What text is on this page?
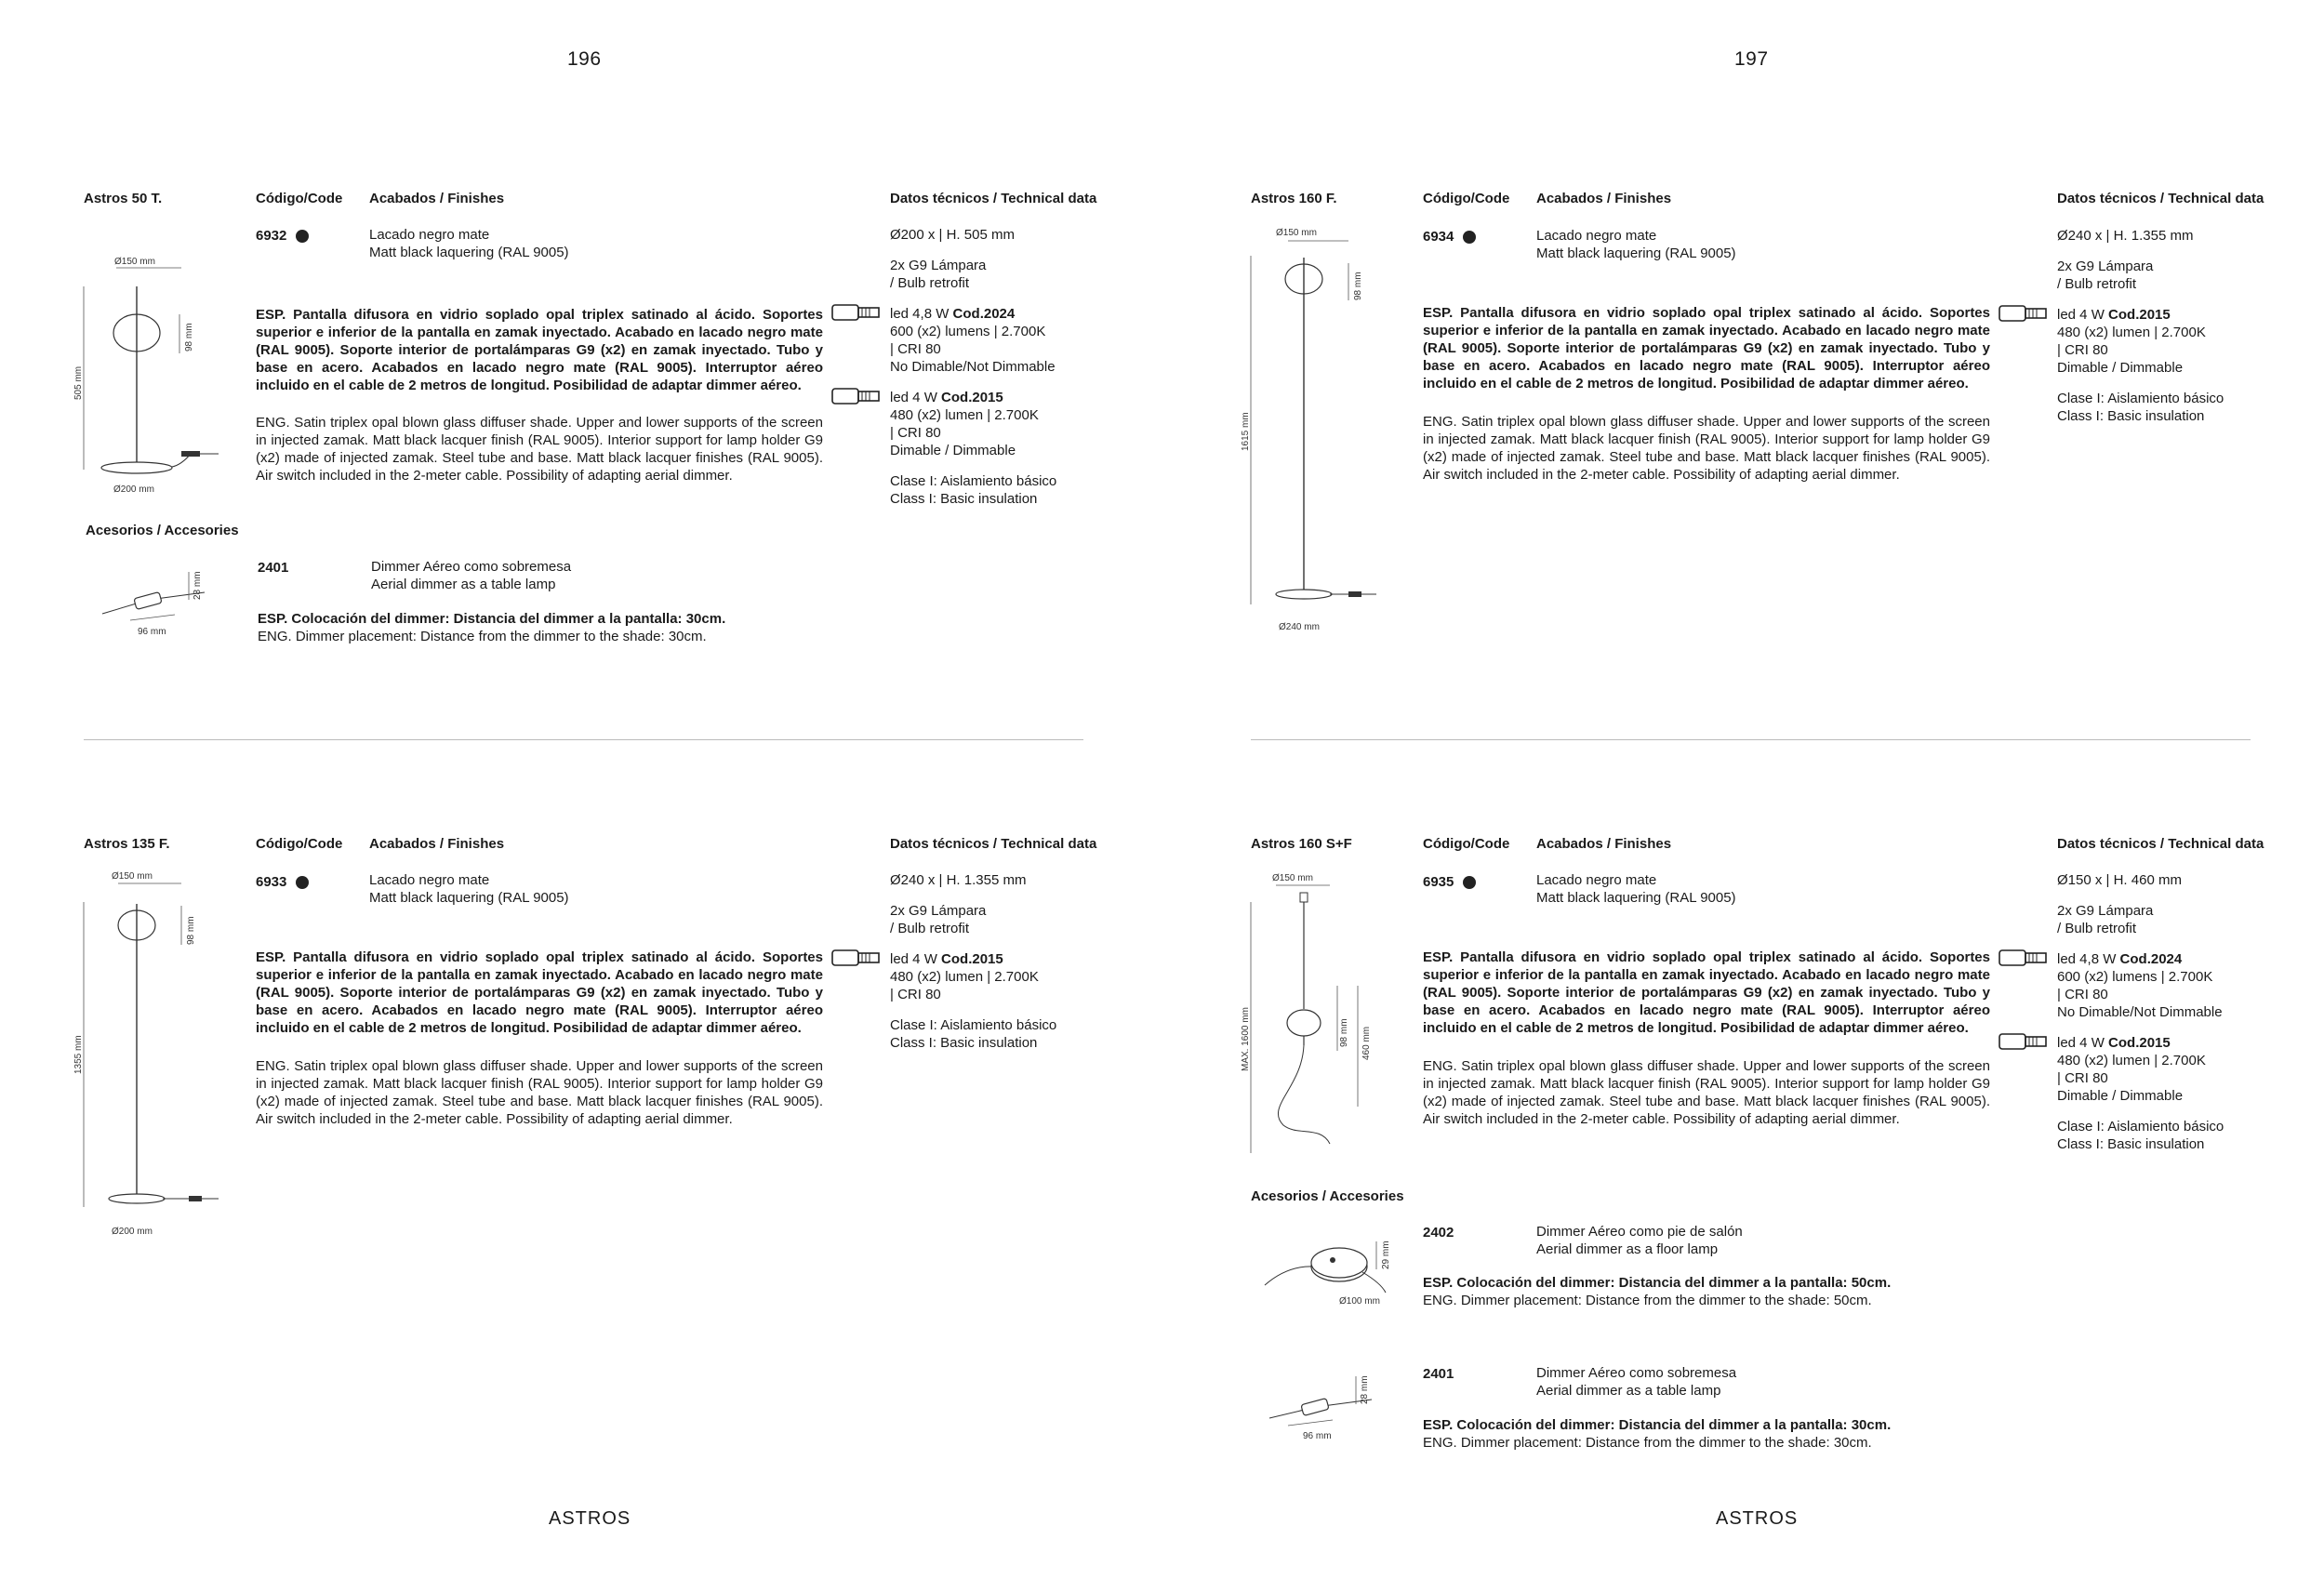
196	197
ASTROS	ASTROS
Astros 50 T.	Código/Code Acabados / Finishes	Datos técnicos / Technical data
6932	Lacado negro mate
Matt black laquering (RAL 9005)
ESP. Pantalla difusora en vidrio soplado opal triplex satinado al ácido. Soportes superior e inferior de la pantalla en zamak inyectado. Acabado en lacado negro mate (RAL 9005). Soporte interior de portalámparas G9 (x2) en zamak inyectado. Tubo y base en acero. Acabados en lacado negro mate (RAL 9005). Interruptor aéreo incluido en el cable de 2 metros de longitud. Posibilidad de adaptar dimmer aéreo.
ENG. Satin triplex opal blown glass diffuser shade. Upper and lower supports of the screen in injected zamak. Matt black lacquer finish (RAL 9005). Interior support for lamp holder G9 (x2) made of injected zamak. Steel tube and base. Matt black lacquer finishes (RAL 9005). Air switch included in the 2-meter cable. Possibility of adapting aerial dimmer.

Ø200 x | H. 505 mm

2x G9 Lámpara
/ Bulb retrofit
led 4,8 W Cod.2024
600 (x2) lumens | 2.700K
| CRI 80
No Dimable/Not Dimmable
led 4 W Cod.2015
480 (x2) lumen | 2.700K
| CRI 80
Dimable / Dimmable
Clase I: Aislamiento básico
Class I: Basic insulation
Ø150 mm
505 mm
98 mm
Ø200 mm
Acesorios / Accesories
28 mm
96 mm
2401	Dimmer Aéreo como sobremesa
Aerial dimmer as a table lamp
ESP. Colocación del dimmer: Distancia del dimmer a la pantalla: 30cm.
ENG. Dimmer placement: Distance from the dimmer to the shade: 30cm.
Astros 160 F.	Código/Code Acabados / Finishes	Datos técnicos / Technical data
6934	Lacado negro mate
Matt black laquering (RAL 9005)
ESP. Pantalla difusora en vidrio soplado opal triplex satinado al ácido. Soportes superior e inferior de la pantalla en zamak inyectado. Acabado en lacado negro mate (RAL 9005). Soporte interior de portalámparas G9 (x2) en zamak inyectado. Tubo y base en acero. Acabados en lacado negro mate (RAL 9005). Interruptor aéreo incluido en el cable de 2 metros de longitud. Posibilidad de adaptar dimmer aéreo.
ENG. Satin triplex opal blown glass diffuser shade. Upper and lower supports of the screen in injected zamak. Matt black lacquer finish (RAL 9005). Interior support for lamp holder G9 (x2) made of injected zamak. Steel tube and base. Matt black lacquer finishes (RAL 9005). Air switch included in the 2-meter cable. Possibility of adapting aerial dimmer.

Ø240 x | H. 1.355 mm

2x G9 Lámpara
/ Bulb retrofit
led 4 W Cod.2015
480 (x2) lumen | 2.700K
| CRI 80
Dimable / Dimmable
Clase I: Aislamiento básico
Class I: Basic insulation
Ø150 mm
1615 mm
98 mm
Ø240 mm
Astros 135 F.	Código/Code Acabados / Finishes	Datos técnicos / Technical data
6933	Lacado negro mate
Matt black laquering (RAL 9005)
ESP. Pantalla difusora en vidrio soplado opal triplex satinado al ácido. Soportes superior e inferior de la pantalla en zamak inyectado. Acabado en lacado negro mate (RAL 9005). Soporte interior de portalámparas G9 (x2) en zamak inyectado. Tubo y base en acero. Acabados en lacado negro mate (RAL 9005). Interruptor aéreo incluido en el cable de 2 metros de longitud. Posibilidad de adaptar dimmer aéreo.
ENG. Satin triplex opal blown glass diffuser shade. Upper and lower supports of the screen in injected zamak. Matt black lacquer finish (RAL 9005). Interior support for lamp holder G9 (x2) made of injected zamak. Steel tube and base. Matt black lacquer finishes (RAL 9005). Air switch included in the 2-meter cable. Possibility of adapting aerial dimmer.

Ø240 x | H. 1.355 mm

2x G9 Lámpara
/ Bulb retrofit
led 4 W Cod.2015
480 (x2) lumen | 2.700K
| CRI 80
Clase I: Aislamiento básico
Class I: Basic insulation
Ø150 mm
1355 mm
98 mm
Ø200 mm
Astros 160 S+F	Código/Code Acabados / Finishes	Datos técnicos / Technical data
6935	Lacado negro mate
Matt black laquering (RAL 9005)
ESP. Pantalla difusora en vidrio soplado opal triplex satinado al ácido. Soportes superior e inferior de la pantalla en zamak inyectado. Acabado en lacado negro mate (RAL 9005). Soporte interior de portalámparas G9 (x2) en zamak inyectado. Tubo y base en acero. Acabados en lacado negro mate (RAL 9005). Interruptor aéreo incluido en el cable de 2 metros de longitud. Posibilidad de adaptar dimmer aéreo.
ENG. Satin triplex opal blown glass diffuser shade. Upper and lower supports of the screen in injected zamak. Matt black lacquer finish (RAL 9005). Interior support for lamp holder G9 (x2) made of injected zamak. Steel tube and base. Matt black lacquer finishes (RAL 9005). Air switch included in the 2-meter cable. Possibility of adapting aerial dimmer.

Ø150 x | H. 460 mm

2x G9 Lámpara
/ Bulb retrofit
led 4,8 W Cod.2024
600 (x2) lumens | 2.700K
| CRI 80
No Dimable/Not Dimmable
led 4 W Cod.2015
480 (x2) lumen | 2.700K
| CRI 80
Dimable / Dimmable
Clase I: Aislamiento básico
Class I: Basic insulation
Ø150 mm
MAX. 1600 mm	98 mm 460 mm
Acesorios / Accesories
29 mm
Ø100 mm
2402	Dimmer Aéreo como pie de salón
Aerial dimmer as a floor lamp
ESP. Colocación del dimmer: Distancia del dimmer a la pantalla: 50cm.
ENG. Dimmer placement: Distance from the dimmer to the shade: 50cm.
28 mm
96 mm
2401	Dimmer Aéreo como sobremesa
Aerial dimmer as a table lamp
ESP. Colocación del dimmer: Distancia del dimmer a la pantalla: 30cm.
ENG. Dimmer placement: Distance from the dimmer to the shade: 30cm.
